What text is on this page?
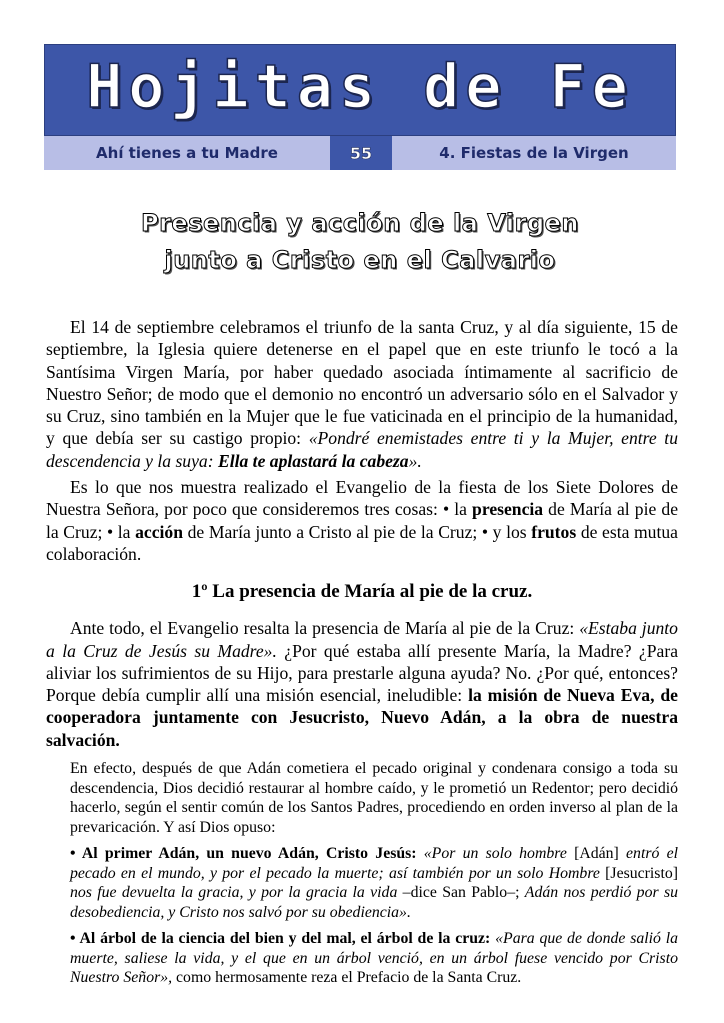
Hojitas de Fe
Ahí tienes a tu Madre	55	4. Fiestas de la Virgen
Presencia y acción de la Virgen
junto a Cristo en el Calvario

El 14 de septiembre celebramos el triunfo de la santa Cruz, y al día siguiente, 15 de septiembre, la Iglesia quiere detenerse en el papel que en este triunfo le tocó a la Santísima Virgen María, por haber quedado asociada íntimamente al sacrificio de Nuestro Señor; de modo que el demonio no encontró un adversario sólo en el Salvador y su Cruz, sino también en la Mujer que le fue vaticinada en el principio de la humanidad, y que debía ser su castigo propio: «Pondré enemistades entre ti y la Mujer, entre tu descendencia y la suya: Ella te aplastará la cabeza».

Es lo que nos muestra realizado el Evangelio de la fiesta de los Siete Dolores de Nuestra Señora, por poco que consideremos tres cosas: • la presencia de María al pie de la Cruz; • la acción de María junto a Cristo al pie de la Cruz; • y los frutos de esta mutua colaboración.

1º La presencia de María al pie de la cruz.

Ante todo, el Evangelio resalta la presencia de María al pie de la Cruz: «Estaba junto a la Cruz de Jesús su Madre». ¿Por qué estaba allí presente María, la Madre? ¿Para aliviar los sufrimientos de su Hijo, para prestarle alguna ayuda? No. ¿Por qué, entonces? Porque debía cumplir allí una misión esencial, ineludible: la misión de Nueva Eva, de cooperadora juntamente con Jesucristo, Nuevo Adán, a la obra de nuestra salvación.

En efecto, después de que Adán cometiera el pecado original y condenara consigo a toda su descendencia, Dios decidió restaurar al hombre caído, y le prometió un Redentor; pero decidió hacerlo, según el sentir común de los Santos Padres, procediendo en orden inverso al plan de la prevaricación. Y así Dios opuso:

• Al primer Adán, un nuevo Adán, Cristo Jesús: «Por un solo hombre [Adán] entró el pecado en el mundo, y por el pecado la muerte; así también por un solo Hombre [Jesucristo] nos fue devuelta la gracia, y por la gracia la vida –dice San Pablo–; Adán nos perdió por su desobediencia, y Cristo nos salvó por su obediencia».

• Al árbol de la ciencia del bien y del mal, el árbol de la cruz: «Para que de donde salió la muerte, saliese la vida, y el que en un árbol venció, en un árbol fuese vencido por Cristo Nuestro Señor», como hermosamente reza el Prefacio de la Santa Cruz.
